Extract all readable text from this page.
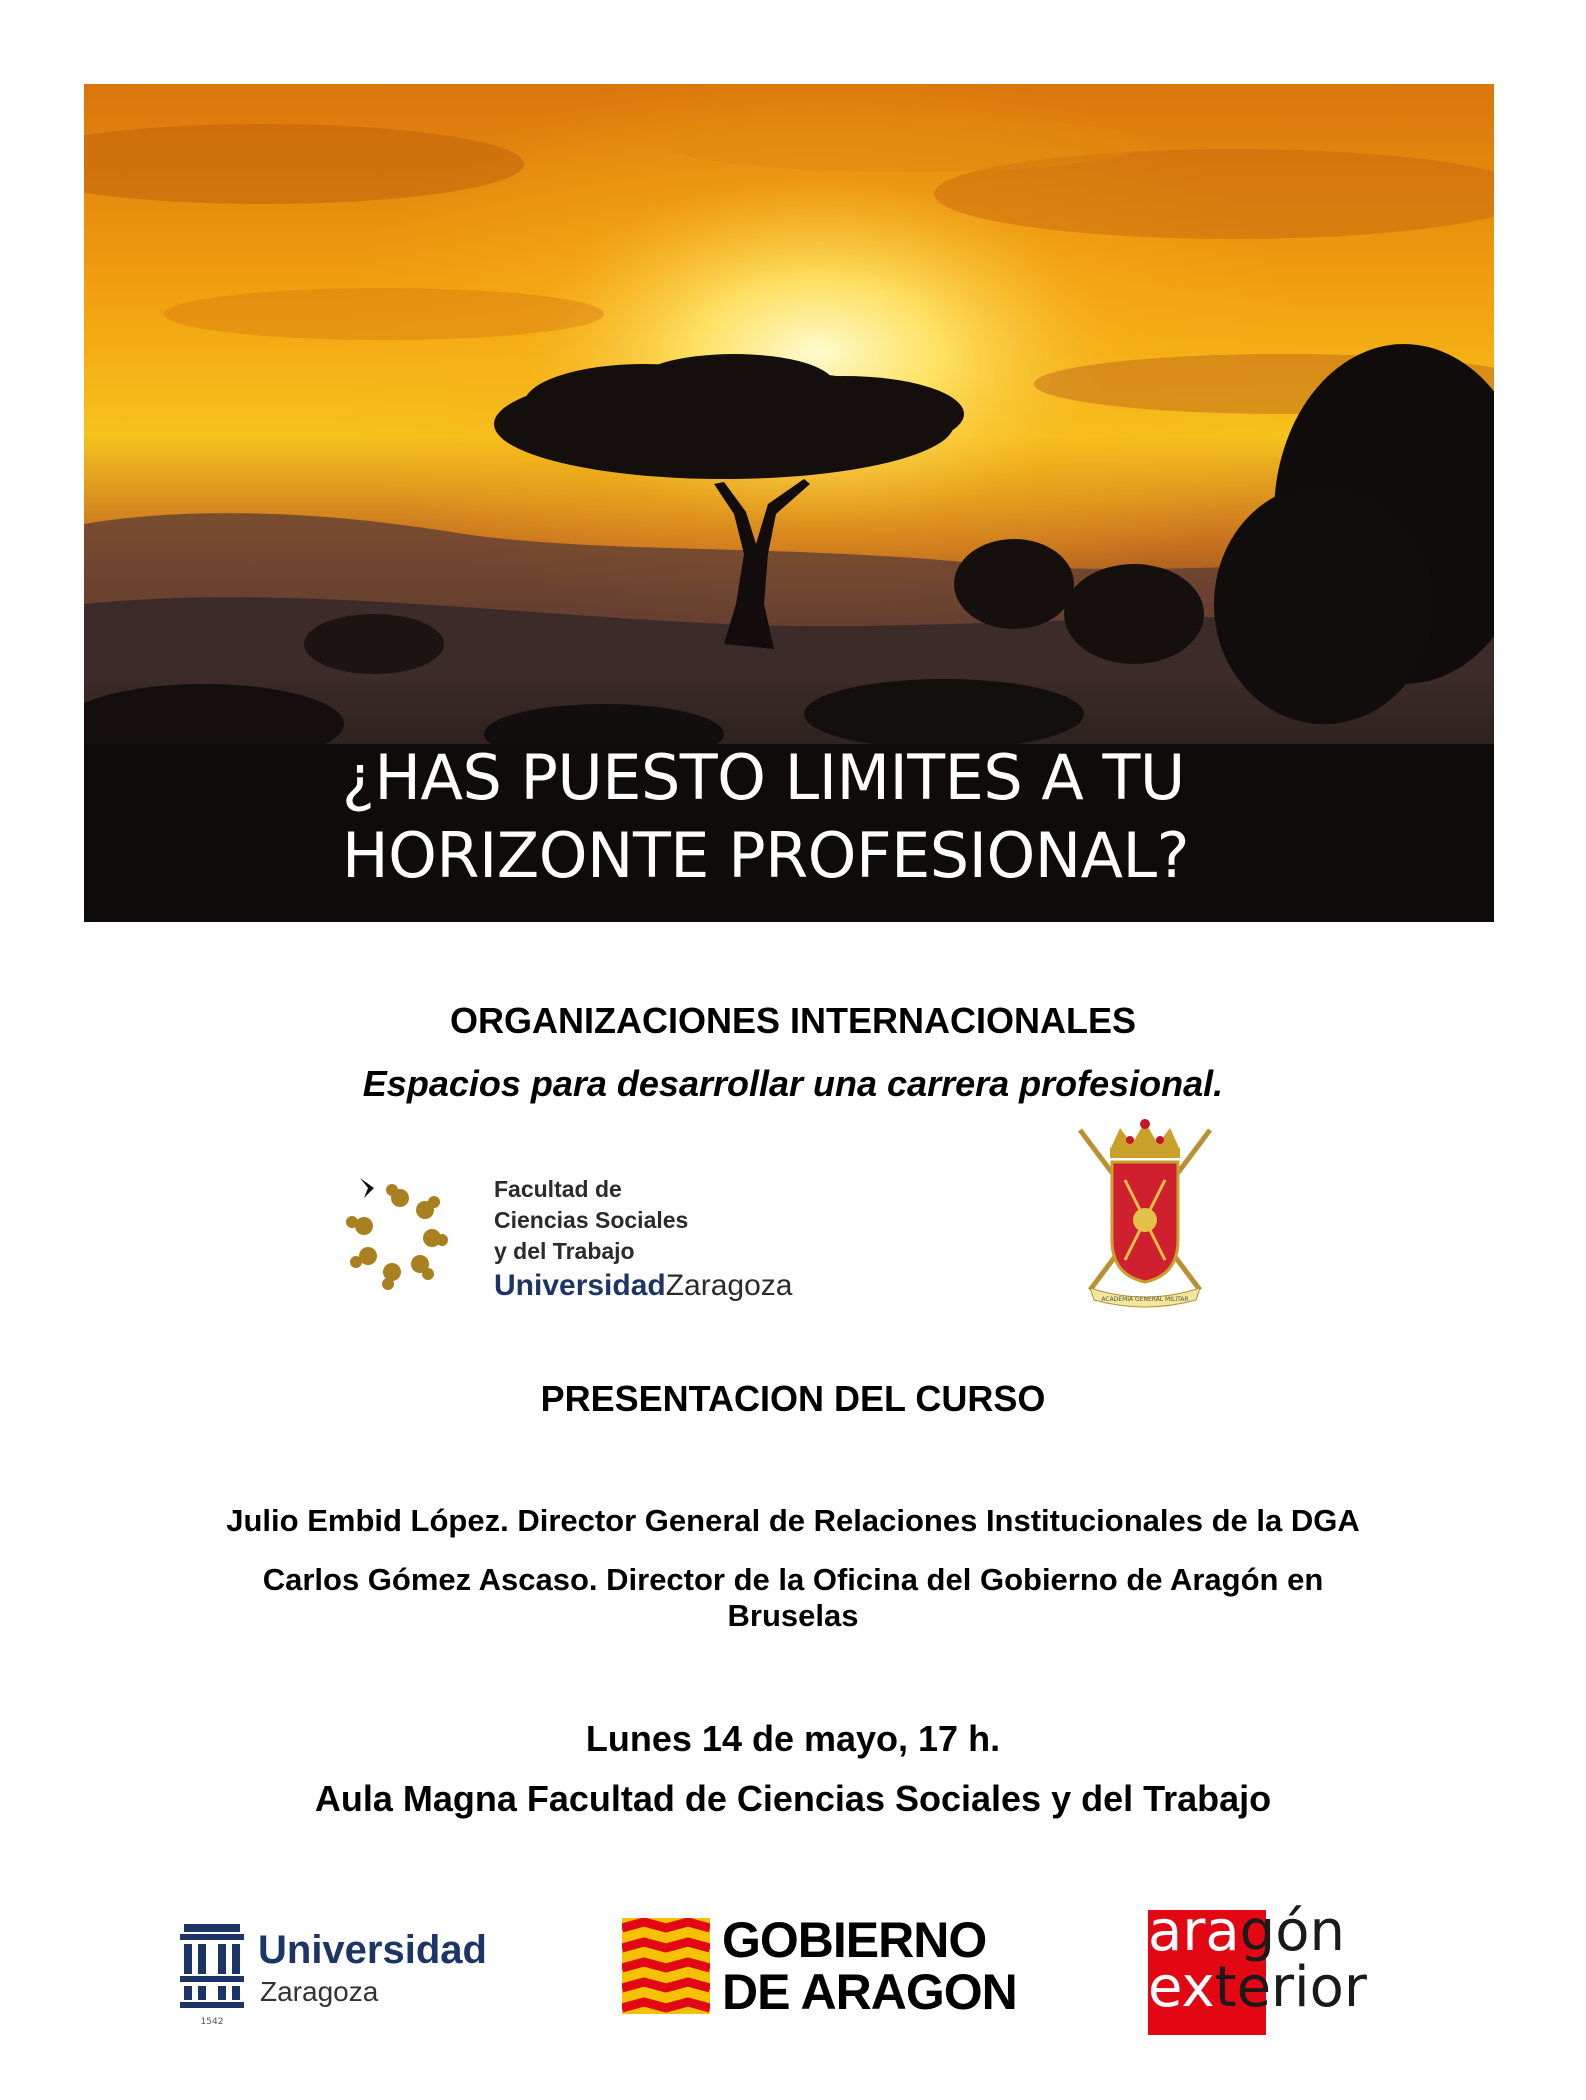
¿HAS PUESTO LIMITES A TU
HORIZONTE PROFESIONAL?
ORGANIZACIONES INTERNACIONALES
Espacios para desarrollar una carrera profesional.
Facultad de
Ciencias Sociales
y del Trabajo
UniversidadZaragoza	ACADEMIA GENERAL MILITAR
PRESENTACION DEL CURSO
Julio Embid López. Director General de Relaciones Institucionales de la DGA
Carlos Gómez Ascaso. Director de la Oficina del Gobierno de Aragón en
Bruselas
Lunes 14 de mayo, 17 h.
Aula Magna Facultad de Ciencias Sociales y del Trabajo
1542
Universidad
Zaragoza
GOBIERNO
DE ARAGON
aragón
exterior
